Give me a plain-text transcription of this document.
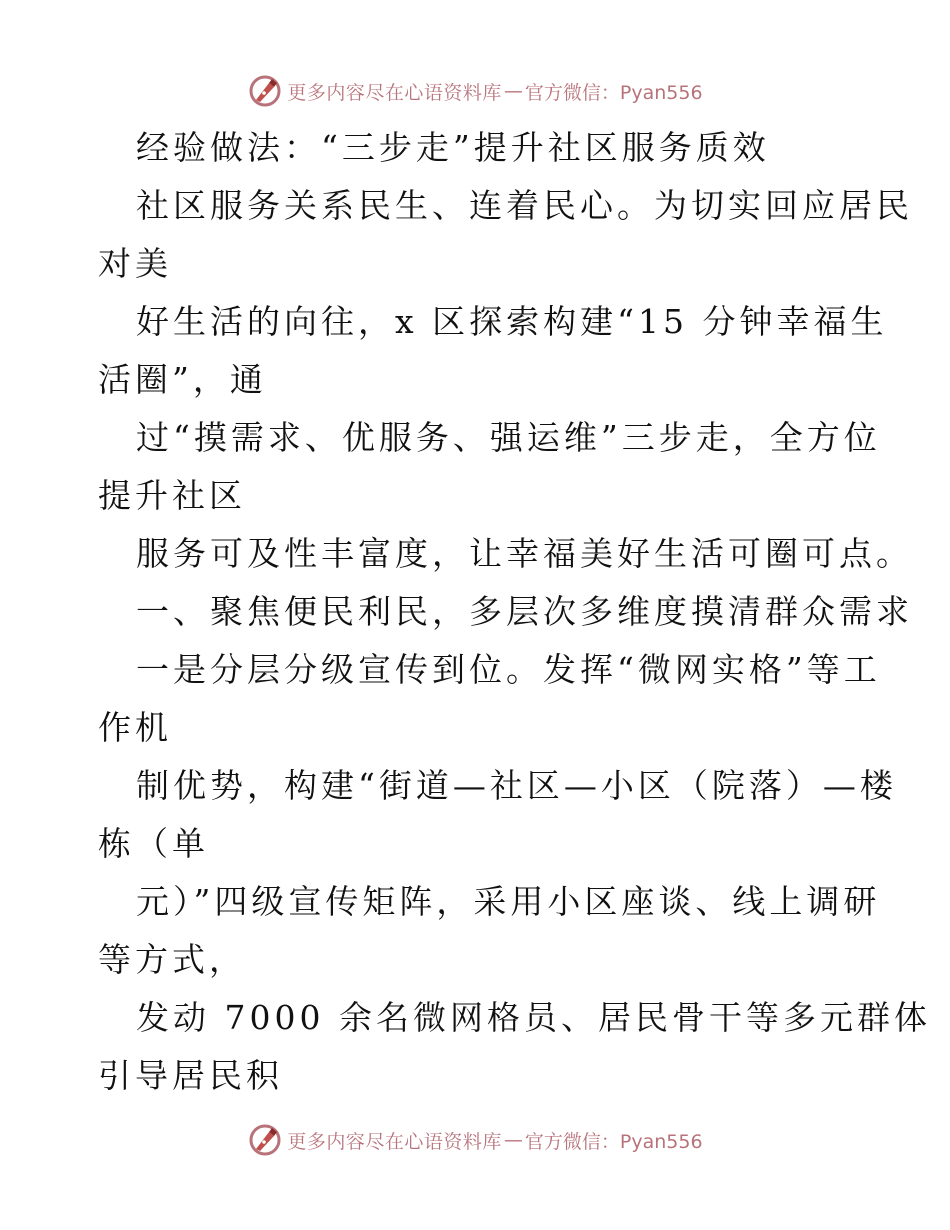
更多内容尽在心语资料库 — 官方微信：Pyan556
经验做法：“三步走”提升社区服务质效
社区服务关系民生、连着民心。为切实回应居民
对美
好生活的向往，x 区探索构建“15 分钟幸福生
活圈”，通
过“摸需求、优服务、强运维”三步走，全方位
提升社区
服务可及性丰富度，让幸福美好生活可圈可点。
一、聚焦便民利民，多层次多维度摸清群众需求
一是分层分级宣传到位。发挥“微网实格”等工
作机
制优势，构建“街道—社区—小区（院落）—楼
栋（单
元）”四级宣传矩阵，采用小区座谈、线上调研
等方式，
发动 7000 余名微网格员、居民骨干等多元群体
引导居民积
更多内容尽在心语资料库 — 官方微信：Pyan556
